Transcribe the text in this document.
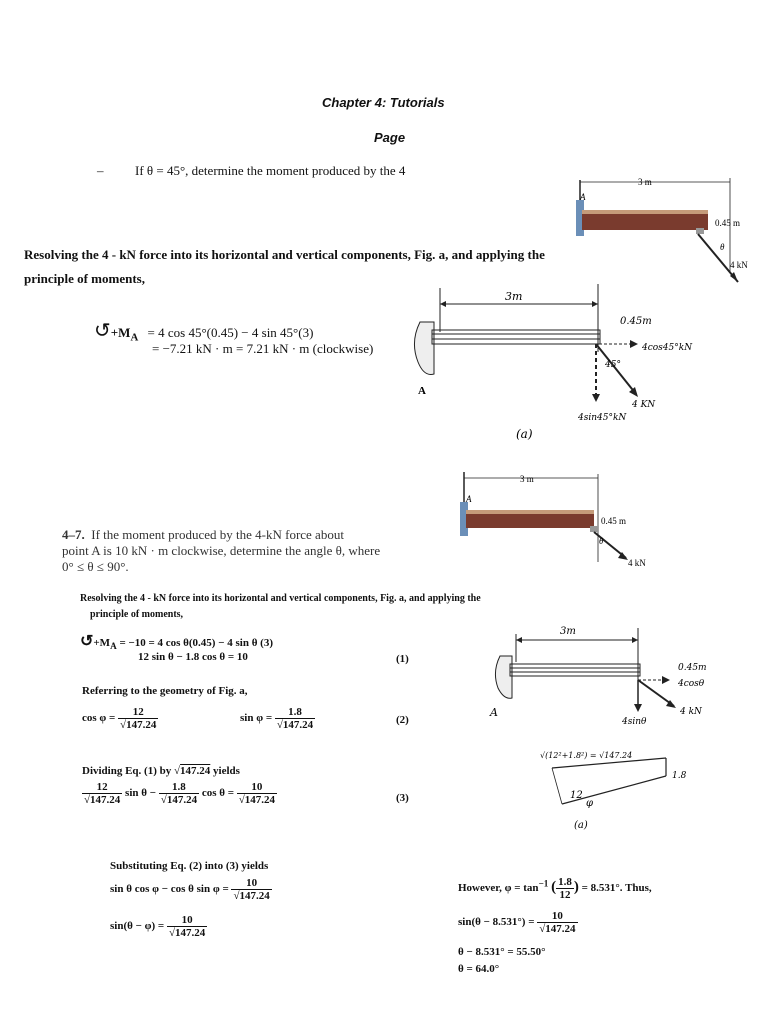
Chapter 4: Tutorials
Page
– If θ = 45°, determine the moment produced by the 4
A
3 m
0.45 m
θ
4 kN
Resolving the 4 - kN force into its horizontal and vertical components, Fig. a, and applying the
principle of moments,
$↺+M_A = 4$ cos 45°(0.45) − 4 sin 45°(3)
= −7.21 kN · m = 7.21 kN · m (clockwise)
3m
0.45m
4cos45°kN
45°
4 KN
4sin45°kN
A
(a)
A
3 m
0.45 m
θ
4 kN
4–7. If the moment produced by the 4-kN force about
point A is 10 kN · m clockwise, determine the angle θ, where
0° ≤ θ ≤ 90°.
Resolving the 4 - kN force into its horizontal and vertical components, Fig. a, and applying the
principle of moments,
$↺+M_A = -10 = 4$ cos θ(0.45) − 4 sin θ (3)
12 sin θ − 1.8 cos θ = 10	(1)
Referring to the geometry of Fig. a,
$\cos \varphi = \frac{12}{√147.24}$	$\sin \varphi = \frac{1.8}{√147.24}$	(2)
Dividing Eq. (1) by √147.24 yields
$\frac{12}{√147.24}$ $\sin \theta - \frac{1.8}{√147.24}$ $\cos \theta = \frac{10}{√147.24}$	(3)
3m
0.45m
4cosθ
4sinθ
4 kN
A
√(12²+1.8²) = √147.24
1.8
12
φ
(a)
Substituting Eq. (2) into (3) yields
sin θ cos φ − cos θ $\sin \varphi = \frac{10}{√147.24}$
$\sin(\theta - \varphi) = \frac{10}{√147.24}$
However, $\varphi = \tan^{-1}$ ( $\frac{1.8}{12}$ ) = 8.531°. Thus,
$\sin(\theta - 8.531^\circ) = \frac{10}{√147.24}$
θ − 8.531° = 55.50°
θ = 64.0°
